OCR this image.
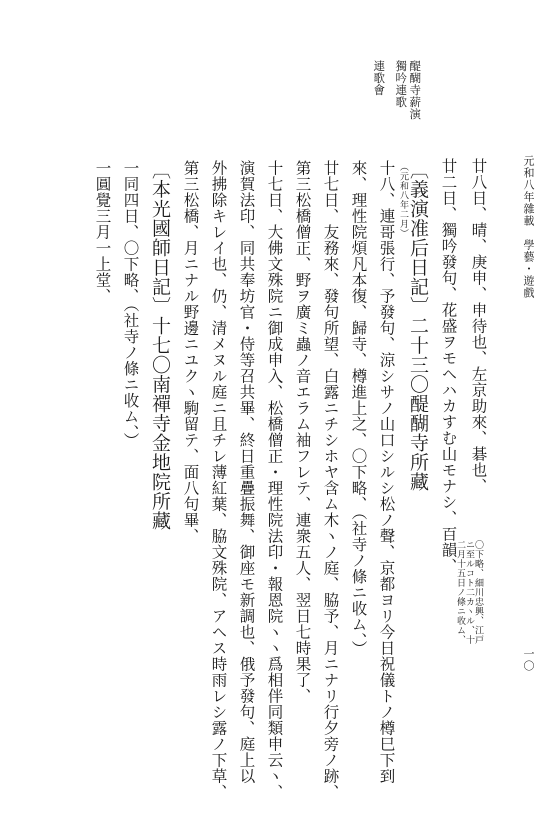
元和八年雜載　學藝・遊戲
一〇
廿八日、晴、庚申、申待也、左京助來、碁也、
〇下略、細川忠興、江戸ニ至ルコト二カヽル、十二月十五日ノ條ニ收ム、
廿二日、獨吟發句、花盛ヲモヘハカすむ山モナシ、百韻、
〔義演准后日記〕二十三〇醍醐寺所藏
（元和八年二月）
十八、連哥張行、予發句、涼シサノ山口シルシ松ノ聲、京都ヨリ今日祝儀トノ樽巳下到
來、理性院煩凡本復、歸寺、樽進上之、〇下略、（社寺ノ條ニ收ム、）
廿七日、友務來、發句所望、白露ニチシホヤ含ム木ヽノ庭、脇予、月ニナリ行夕旁ノ跡、
第三松橋僧正、野ヲ廣ミ蟲ノ音エラム袖フレテ、連衆五人、翌日七時果了、
十七日、大佛文殊院ニ御成申入、松橋僧正・理性院法印・報恩院ヽヽ爲相伴同類申云ヽ、
演賀法印、同共奉坊官・侍等召共畢、終日重疊振舞、御座モ新調也、俄予發句、庭上以
外拂除キレイ也、仍、清メヌル庭ニ且チレ薄紅葉、脇文殊院、アヘス時雨レシ露ノ下草、
第三松橋、月ニナル野邊ニユクヽ駒留テ、面八句畢、
〔本光國師日記〕十七〇南禪寺金地院所藏
一同四日、〇下略、（社寺ノ條ニ收ム、）
一圓覺三月一上堂、
醍醐寺薪演
獨吟連歌
連歌會
